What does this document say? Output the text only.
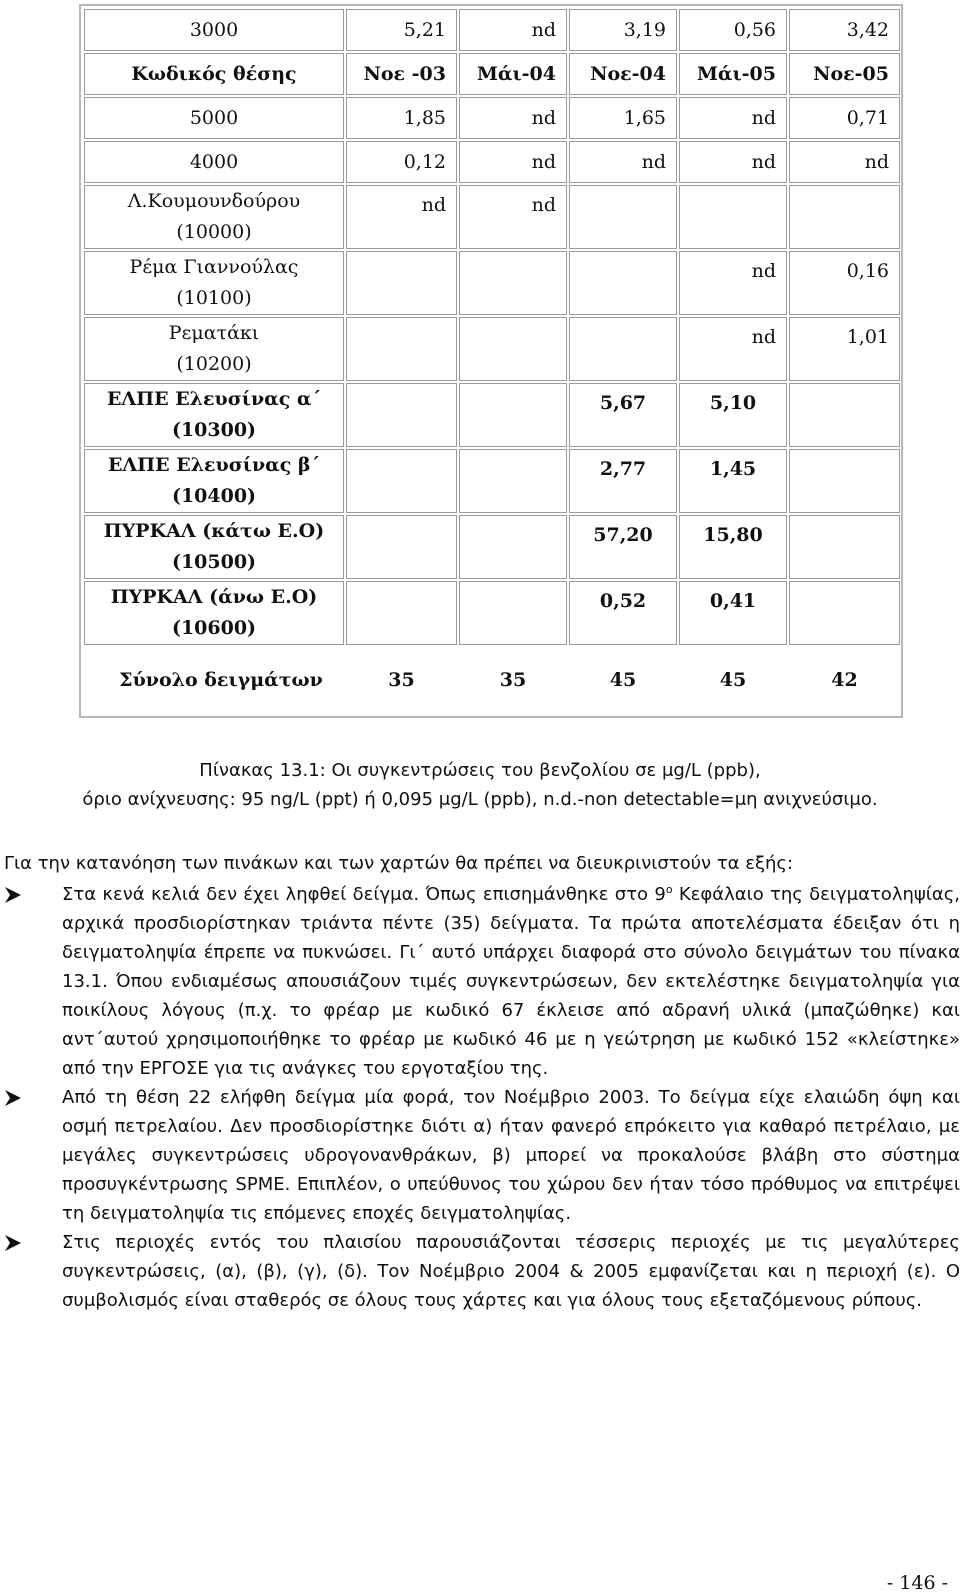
3000	5,21	nd	3,19	0,56	3,42
Κωδικός θέσης	Νοε -03	Μάι-04	Νοε-04	Μάι-05	Νοε-05

5000	1,85	nd	1,65	nd	0,71

4000	0,12	nd	nd	nd	nd

Λ.Κουμουνδούρου
(10000)	nd	nd			

Ρέμα Γιαννούλας
(10100)				nd	0,16

Ρεματάκι
(10200)				nd	1,01

ΕΛΠΕ Ελευσίνας α΄
(10300)			5,67	5,10	

ΕΛΠΕ Ελευσίνας β΄
(10400)			2,77	1,45	

ΠΥΡΚΑΛ (κάτω Ε.Ο)
(10500)			57,20	15,80	

ΠΥΡΚΑΛ (άνω Ε.Ο)
(10600)			0,52	0,41	
Σύνολο δειγμάτων	35	35	45	45	42
Πίνακας 13.1: Οι συγκεντρώσεις του βενζολίου σε μg/L (ppb),
όριο ανίχνευσης: 95 ng/L (ppt) ή 0,095 μg/L (ppb), n.d.-non detectable=μη ανιχνεύσιμο.
Για την κατανόηση των πινάκων και των χαρτών θα πρέπει να διευκρινιστούν τα εξής:
Στα κενά κελιά δεν έχει ληφθεί δείγμα. Όπως επισημάνθηκε στο $9^o$ Κεφάλαιο της δειγματοληψίας, αρχικά προσδιορίστηκαν τριάντα πέντε (35) δείγματα. Τα πρώτα αποτελέσματα έδειξαν ότι η δειγματοληψία έπρεπε να πυκνώσει. Γι΄ αυτό υπάρχει διαφορά στο σύνολο δειγμάτων του πίνακα 13.1. Όπου ενδιαμέσως απουσιάζουν τιμές συγκεντρώσεων, δεν εκτελέστηκε δειγματοληψία για ποικίλους λόγους (π.χ. το φρέαρ με κωδικό 67 έκλεισε από αδρανή υλικά (μπαζώθηκε) και αντ΄αυτού χρησιμοποιήθηκε το φρέαρ με κωδικό 46 με η γεώτρηση με κωδικό 152 «κλείστηκε» από την ΕΡΓΟΣΕ για τις ανάγκες του εργοταξίου της.
Από τη θέση 22 ελήφθη δείγμα μία φορά, τον Νοέμβριο 2003. Το δείγμα είχε ελαιώδη όψη και οσμή πετρελαίου. Δεν προσδιορίστηκε διότι α) ήταν φανερό επρόκειτο για καθαρό πετρέλαιο, με μεγάλες συγκεντρώσεις υδρογονανθράκων, β) μπορεί να προκαλούσε βλάβη στο σύστημα προσυγκέντρωσης SPME. Επιπλέον, ο υπεύθυνος του χώρου δεν ήταν τόσο πρόθυμος να επιτρέψει τη δειγματοληψία τις επόμενες εποχές δειγματοληψίας.
Στις περιοχές εντός του πλαισίου παρουσιάζονται τέσσερις περιοχές με τις μεγαλύτερες συγκεντρώσεις, (α), (β), (γ), (δ). Τον Νοέμβριο 2004 & 2005 εμφανίζεται και η περιοχή (ε). Ο συμβολισμός είναι σταθερός σε όλους τους χάρτες και για όλους τους εξεταζόμενους ρύπους.
- 146 -
